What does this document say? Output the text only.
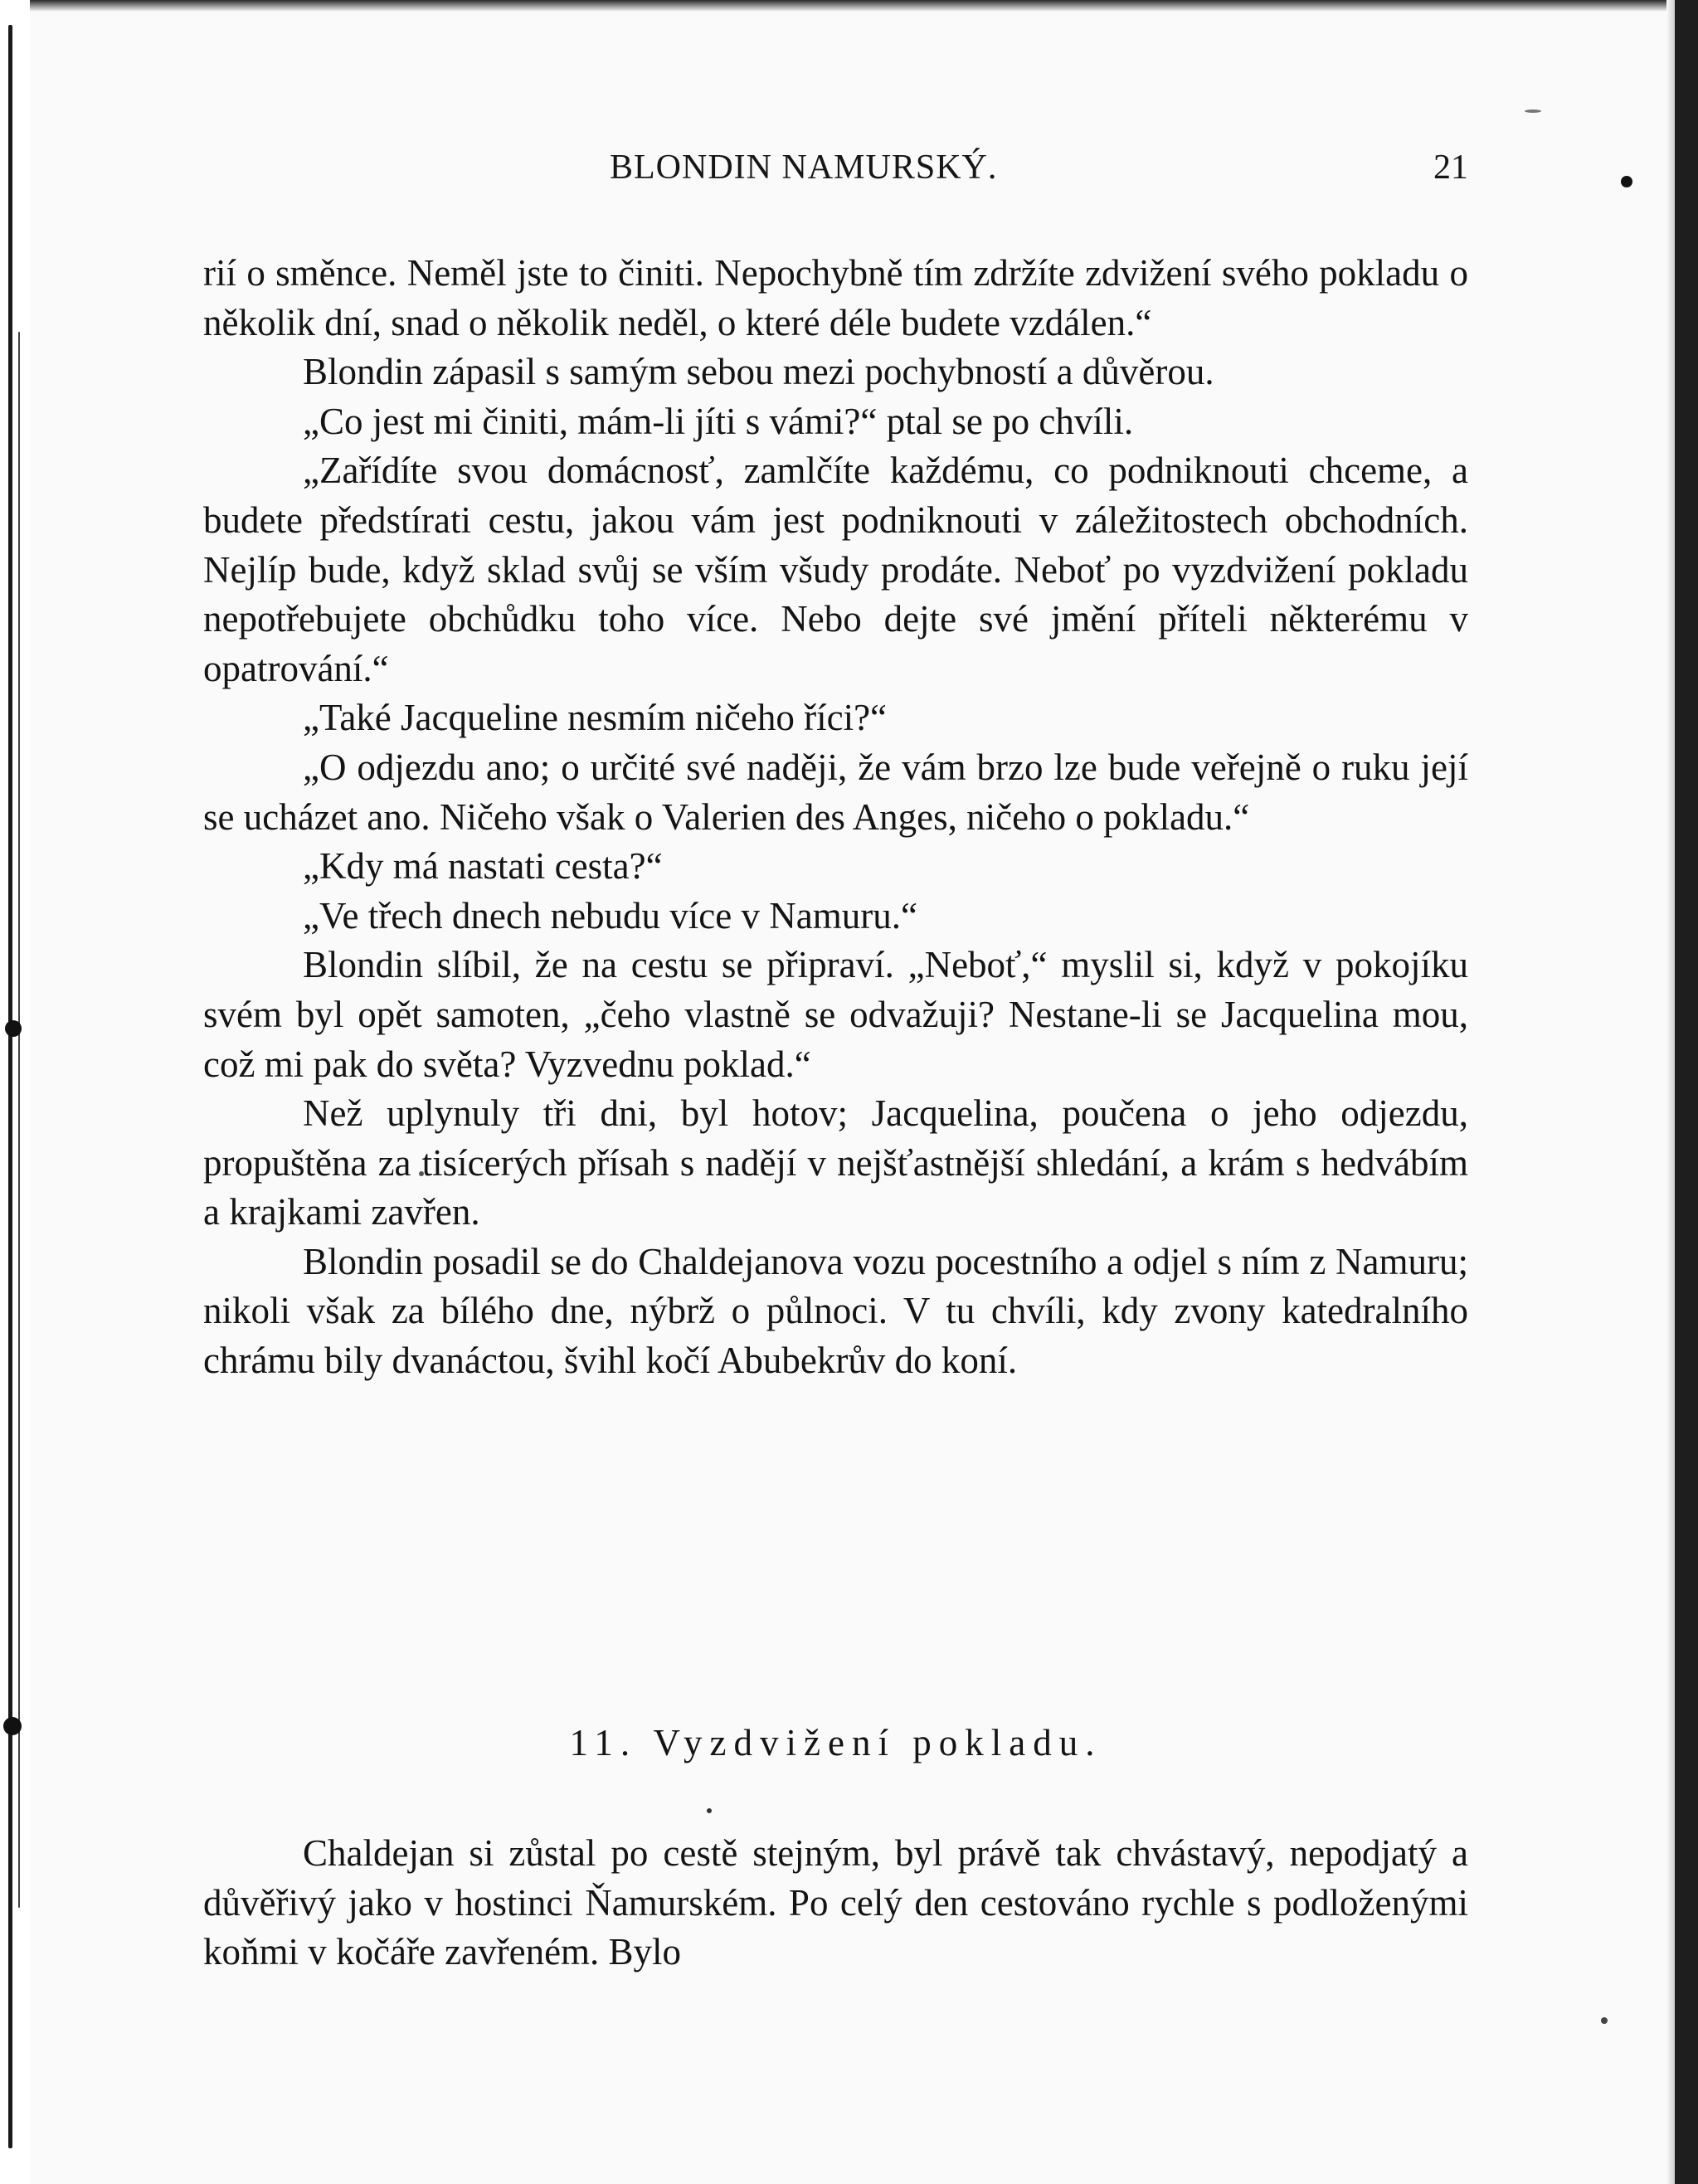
BLONDIN NAMURSKÝ.	21

rií o směnce. Neměl jste to činiti. Nepochybně tím zdržíte zdvižení svého pokladu o několik dní, snad o několik neděl, o které déle budete vzdálen.“

Blondin zápasil s samým sebou mezi pochybností a důvěrou.

„Co jest mi činiti, mám-li jíti s vámi?“ ptal se po chvíli.

„Zařídíte svou domácnosť, zamlčíte každému, co podniknouti chceme, a budete předstírati cestu, jakou vám jest podniknouti v záležitostech obchodních. Nejlíp bude, když sklad svůj se vším všudy prodáte. Neboť po vyzdvižení pokladu nepotřebujete obchůdku toho více. Nebo dejte své jmění příteli některému v opatrování.“

„Také Jacqueline nesmím ničeho říci?“

„O odjezdu ano; o určité své naději, že vám brzo lze bude veřejně o ruku její se ucházet ano. Ničeho však o Valerien des Anges, ničeho o pokladu.“

„Kdy má nastati cesta?“

„Ve třech dnech nebudu více v Namuru.“

Blondin slíbil, že na cestu se připraví. „Neboť,“ myslil si, když v pokojíku svém byl opět samoten, „čeho vlastně se odvažuji? Nestane-li se Jacquelina mou, což mi pak do světa? Vyzvednu poklad.“

Než uplynuly tři dni, byl hotov; Jacquelina, poučena o jeho odjezdu, propuštěna za tisícerých přísah s nadějí v nejšťastnější shledání, a krám s hedvábím a krajkami zavřen.

Blondin posadil se do Chaldejanova vozu pocestního a odjel s ním z Namuru; nikoli však za bílého dne, nýbrž o půlnoci. V tu chvíli, kdy zvony katedralního chrámu bily dvanáctou, švihl kočí Abubekrův do koní.

11. Vyzdvižení pokladu.

Chaldejan si zůstal po cestě stejným, byl právě tak chvástavý, nepodjatý a důvěřivý jako v hostinci Ňamurském. Po celý den cestováno rychle s podloženými koňmi v kočáře zavřeném. Bylo
